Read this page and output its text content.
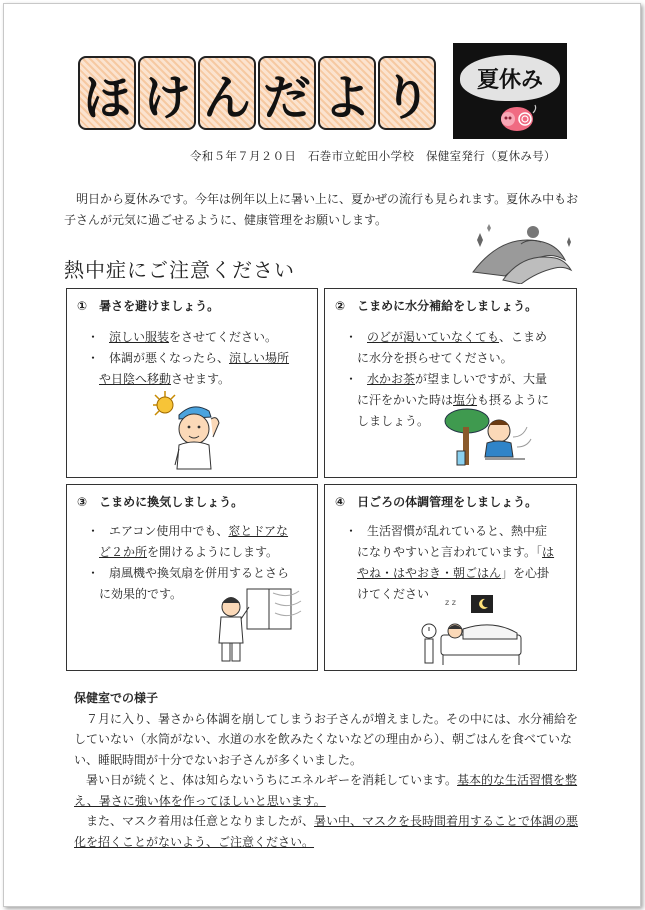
ほ け ん だ よ り	夏休み
令和５年７月２０日　石巻市立蛇田小学校　保健室発行（夏休み号）
明日から夏休みです。今年は例年以上に暑い上に、夏かぜの流行も見られます。夏休み中もお子さんが元気に過ごせるように、健康管理をお願いします。
熱中症にご注意ください
① 暑さを避けましょう。
・ 涼しい服装をさせてください。
・ 体調が悪くなったら、涼しい場所
や日陰へ移動させます。
② こまめに水分補給をしましょう。
・ のどが渇いていなくても、こまめ
に水分を摂らせてください。
・ 水かお茶が望ましいですが、大量
に汗をかいた時は塩分も摂るように
しましょう。
③ こまめに換気しましょう。
・ エアコン使用中でも、窓とドアな
ど２か所を開けるようにします。
・ 扇風機や換気扇を併用するとさら
に効果的です。
④ 日ごろの体調管理をしましょう。
・ 生活習慣が乱れていると、熱中症
になりやすいと言われています。「は
やね・はやおき・朝ごはん」を心掛
けてください
z z
保健室での様子

７月に入り、暑さから体調を崩してしまうお子さんが増えました。その中には、水分補給をしていない（水筒がない、水道の水を飲みたくないなどの理由から）、朝ごはんを食べていない、睡眠時間が十分でないお子さんが多くいました。

暑い日が続くと、体は知らないうちにエネルギーを消耗しています。基本的な生活習慣を整え、暑さに強い体を作ってほしいと思います。

また、マスク着用は任意となりましたが、暑い中、マスクを長時間着用することで体調の悪化を招くことがないよう、ご注意ください。
